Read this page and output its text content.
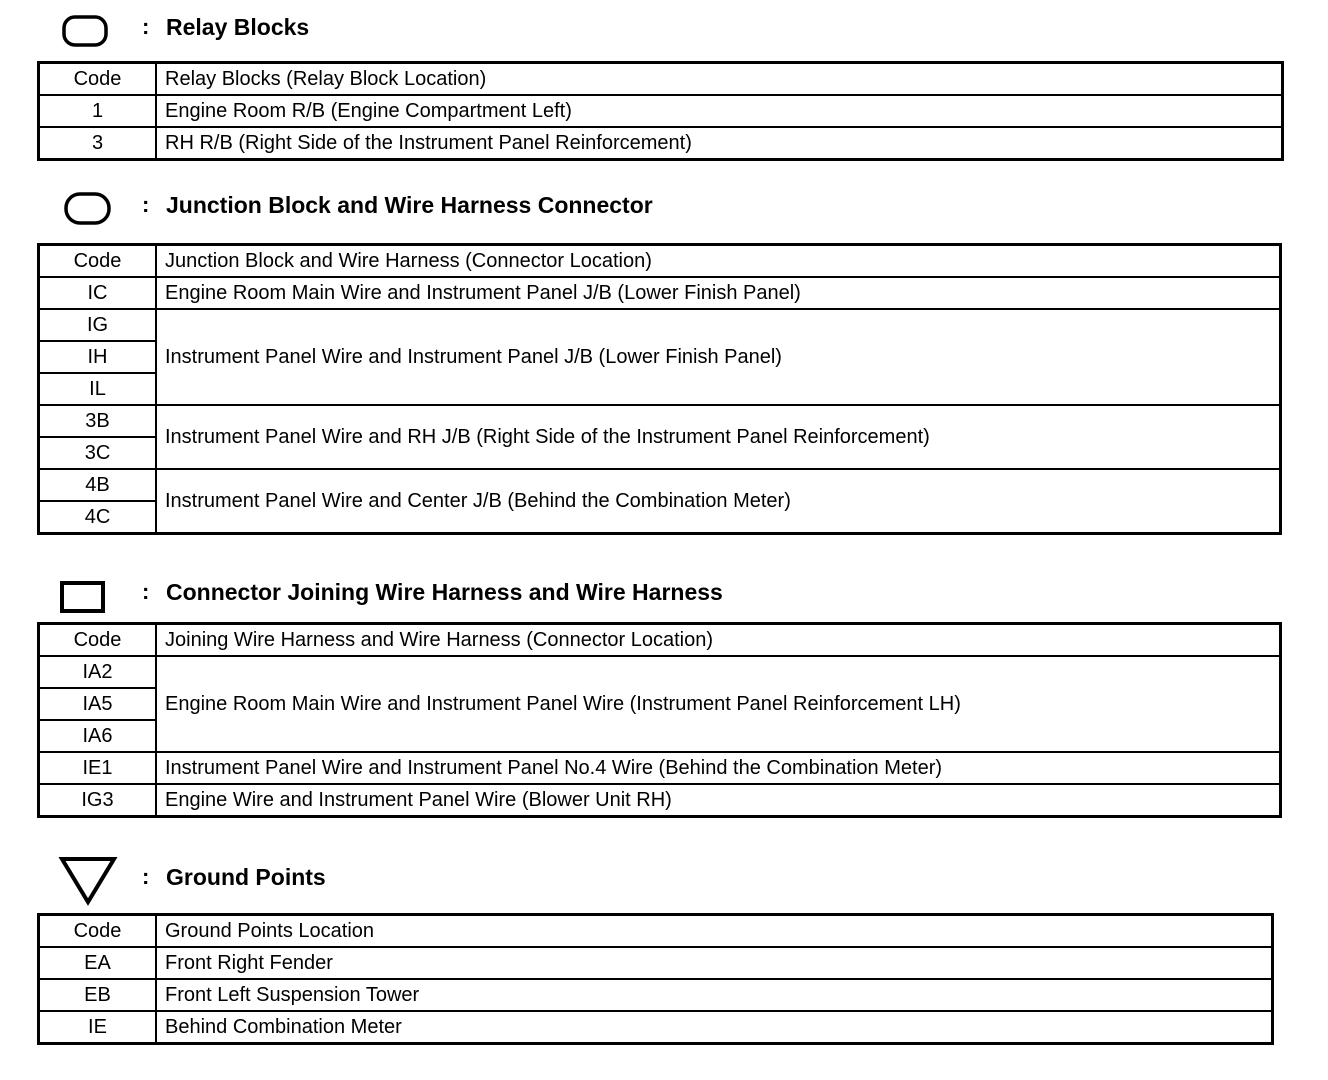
: Relay Blocks
Code	Relay Blocks (Relay Block Location)
1	Engine Room R/B (Engine Compartment Left)
3	RH R/B (Right Side of the Instrument Panel Reinforcement)
: Junction Block and Wire Harness Connector
Code	Junction Block and Wire Harness (Connector Location)
IC	Engine Room Main Wire and Instrument Panel J/B (Lower Finish Panel)
IG	Instrument Panel Wire and Instrument Panel J/B (Lower Finish Panel)
IH	
IL	
3B	Instrument Panel Wire and RH J/B (Right Side of the Instrument Panel Reinforcement)
3C	
4B	Instrument Panel Wire and Center J/B (Behind the Combination Meter)
4C	
: Connector Joining Wire Harness and Wire Harness
Code	Joining Wire Harness and Wire Harness (Connector Location)
IA2	Engine Room Main Wire and Instrument Panel Wire (Instrument Panel Reinforcement LH)
IA5	
IA6	
IE1	Instrument Panel Wire and Instrument Panel No.4 Wire (Behind the Combination Meter)
IG3	Engine Wire and Instrument Panel Wire (Blower Unit RH)
: Ground Points
Code	Ground Points Location
EA	Front Right Fender
EB	Front Left Suspension Tower
IE	Behind Combination Meter
